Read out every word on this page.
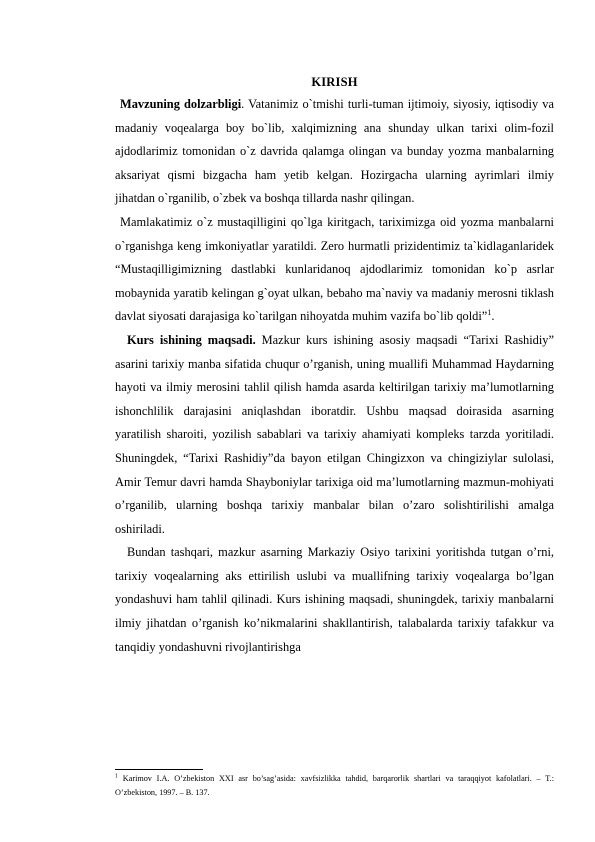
KIRISH

Mavzuning dolzarbligi. Vatanimiz o`tmishi turli-tuman ijtimoiy, siyosiy, iqtisodiy va madaniy voqealarga boy bo`lib, xalqimizning ana shunday ulkan tarixi olim-fozil ajdodlarimiz tomonidan o`z davrida qalamga olingan va bunday yozma manbalarning aksariyat qismi bizgacha ham yetib kelgan. Hozirgacha ularning ayrimlari ilmiy jihatdan o`rganilib, o`zbek va boshqa tillarda nashr qilingan.

Mamlakatimiz o`z mustaqilligini qo`lga kiritgach, tariximizga oid yozma manbalarni o`rganishga keng imkoniyatlar yaratildi. Zero hurmatli prizidentimiz ta`kidlaganlaridek “Mustaqilligimizning dastlabki kunlaridanoq ajdodlarimiz tomonidan ko`p asrlar mobaynida yaratib kelingan g`oyat ulkan, bebaho ma`naviy va madaniy merosni tiklash davlat siyosati darajasiga ko`tarilgan nihoyatda muhim vazifa bo`lib qoldi”$^1$.

Kurs ishining maqsadi. Mazkur kurs ishining asosiy maqsadi “Tarixi Rashidiy” asarini tarixiy manba sifatida chuqur o’rganish, uning muallifi Muhammad Haydarning hayoti va ilmiy merosini tahlil qilish hamda asarda keltirilgan tarixiy ma’lumotlarning ishonchlilik darajasini aniqlashdan iboratdir. Ushbu maqsad doirasida asarning yaratilish sharoiti, yozilish sabablari va tarixiy ahamiyati kompleks tarzda yoritiladi. Shuningdek, “Tarixi Rashidiy”da bayon etilgan Chingizxon va chingiziylar sulolasi, Amir Temur davri hamda Shayboniylar tarixiga oid ma’lumotlarning mazmun-mohiyati o’rganilib, ularning boshqa tarixiy manbalar bilan o’zaro solishtirilishi amalga oshiriladi.

Bundan tashqari, mazkur asarning Markaziy Osiyo tarixini yoritishda tutgan o’rni, tarixiy voqealarning aks ettirilish uslubi va muallifning tarixiy voqealarga bo’lgan yondashuvi ham tahlil qilinadi. Kurs ishining maqsadi, shuningdek, tarixiy manbalarni ilmiy jihatdan o’rganish ko’nikmalarini shakllantirish, talabalarda tarixiy tafakkur va tanqidiy yondashuvni rivojlantirishga

$^1$ Karimov I.A. O’zbekiston XXI asr bo’sag’asida: xavfsizlikka tahdid, barqarorlik shartlari va taraqqiyot kafolatlari. – T.: O’zbekiston, 1997. – B. 137.
